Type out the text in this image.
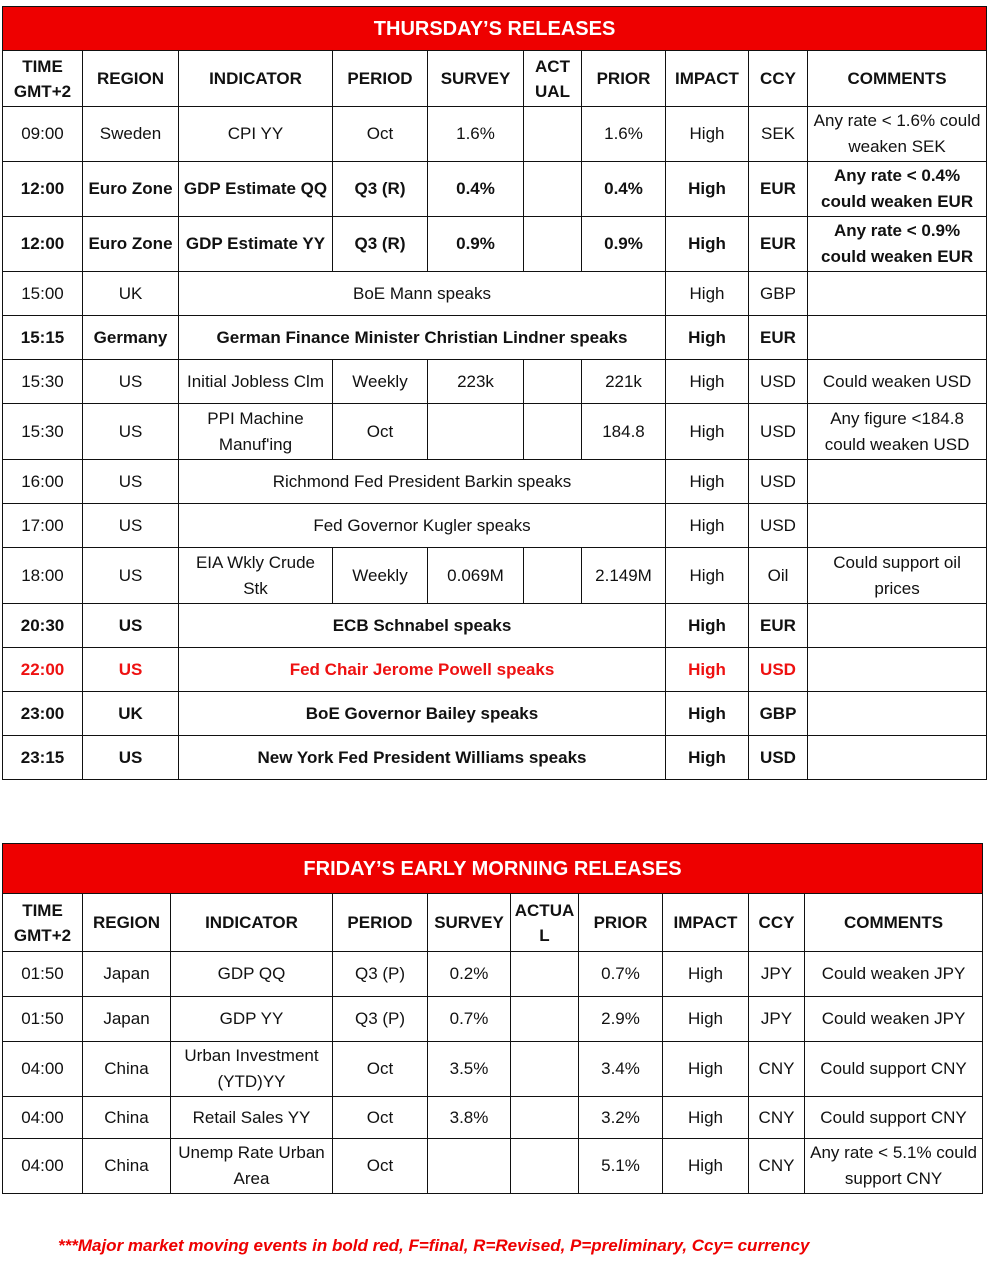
THURSDAY’S RELEASES									
TIME GMT+2	REGION	INDICATOR	PERIOD	SURVEY	ACT UAL	PRIOR	IMPACT	CCY	COMMENTS
09:00	Sweden	CPI YY	Oct	1.6%		1.6%	High	SEK	Any rate < 1.6% could weaken SEK
12:00	Euro Zone	GDP Estimate QQ	Q3 (R)	0.4%		0.4%	High	EUR	Any rate < 0.4% could weaken EUR
12:00	Euro Zone	GDP Estimate YY	Q3 (R)	0.9%		0.9%	High	EUR	Any rate < 0.9% could weaken EUR
15:00	UK	BoE Mann speaks					High	GBP	
15:15	Germany	German Finance Minister Christian Lindner speaks					High	EUR	
15:30	US	Initial Jobless Clm	Weekly	223k		221k	High	USD	Could weaken USD
15:30	US	PPI Machine Manuf'ing	Oct			184.8	High	USD	Any figure <184.8 could weaken USD
16:00	US	Richmond Fed President Barkin speaks					High	USD	
17:00	US	Fed Governor Kugler speaks					High	USD	
18:00	US	EIA Wkly Crude Stk	Weekly	0.069M		2.149M	High	Oil	Could support oil prices
20:30	US	ECB Schnabel speaks					High	EUR	
22:00	US	Fed Chair Jerome Powell speaks					High	USD	
23:00	UK	BoE Governor Bailey speaks					High	GBP	
23:15	US	New York Fed President Williams speaks					High	USD	
FRIDAY’S EARLY MORNING RELEASES									
TIME GMT+2	REGION	INDICATOR	PERIOD	SURVEY	ACTUA L	PRIOR	IMPACT	CCY	COMMENTS
01:50	Japan	GDP QQ	Q3 (P)	0.2%		0.7%	High	JPY	Could weaken JPY
01:50	Japan	GDP YY	Q3 (P)	0.7%		2.9%	High	JPY	Could weaken JPY
04:00	China	Urban Investment (YTD)YY	Oct	3.5%		3.4%	High	CNY	Could support CNY
04:00	China	Retail Sales YY	Oct	3.8%		3.2%	High	CNY	Could support CNY
04:00	China	Unemp Rate Urban Area	Oct			5.1%	High	CNY	Any rate < 5.1% could support CNY
***Major market moving events in bold red, F=final, R=Revised, P=preliminary, Ccy= currency
